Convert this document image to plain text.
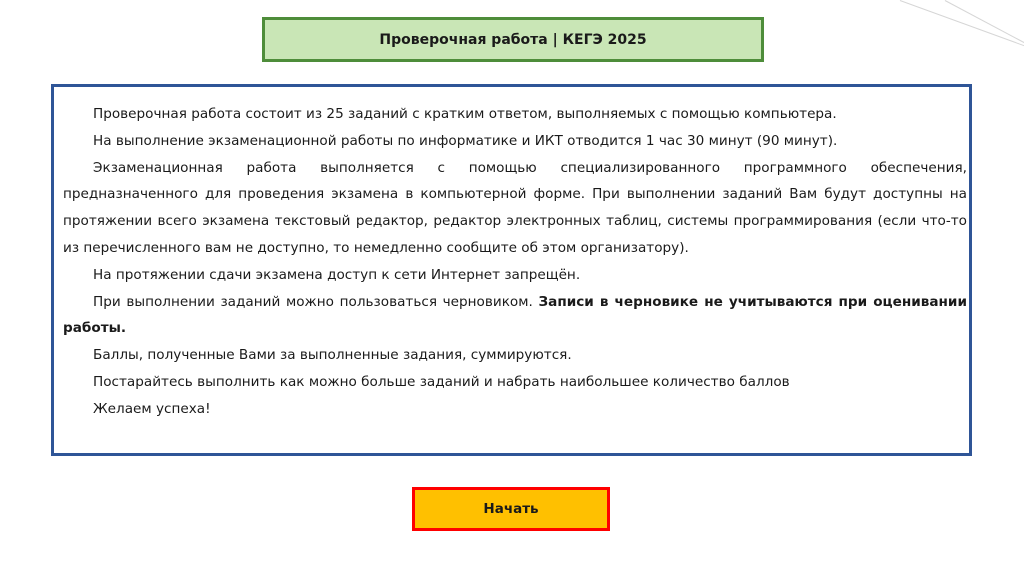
Проверочная работа | КЕГЭ 2025

Проверочная работа состоит из 25 заданий с кратким ответом, выполняемых с помощью компьютера.

На выполнение экзаменационной работы по информатике и ИКТ отводится 1 час 30 минут (90 минут).

Экзаменационная работа выполняется с помощью специализированного программного обеспечения, предназначенного для проведения экзамена в компьютерной форме. При выполнении заданий Вам будут доступны на протяжении всего экзамена текстовый редактор, редактор электронных таблиц, системы программирования (если что-то из перечисленного вам не доступно, то немедленно сообщите об этом организатору).

На протяжении сдачи экзамена доступ к сети Интернет запрещён.

При выполнении заданий можно пользоваться черновиком. Записи в черновике не учитываются при оценивании работы.

Баллы, полученные Вами за выполненные задания, суммируются.

Постарайтесь выполнить как можно больше заданий и набрать наибольшее количество баллов

Желаем успеха!

Начать
